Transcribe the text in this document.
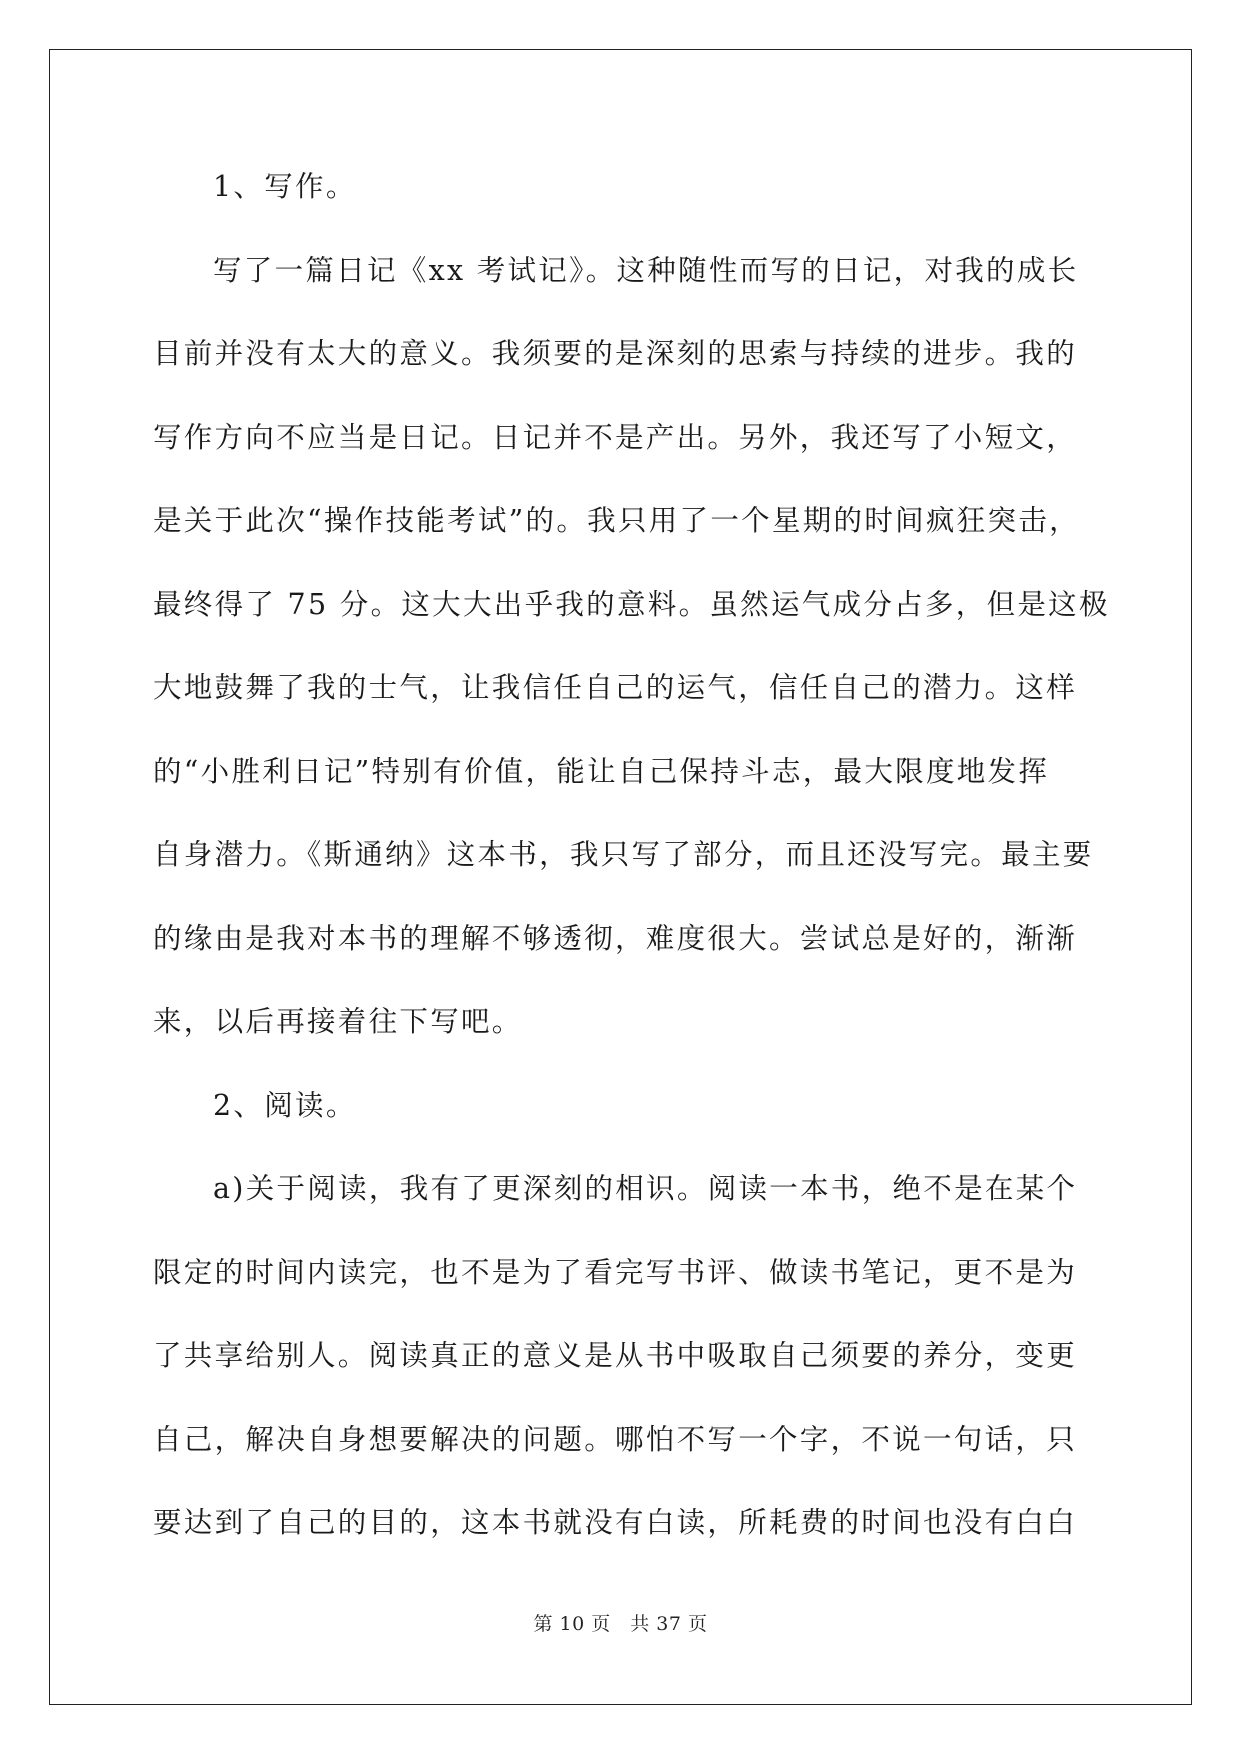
1、写作。
写了一篇日记《xx 考试记》。这种随性而写的日记，对我的成长
目前并没有太大的意义。我须要的是深刻的思索与持续的进步。我的
写作方向不应当是日记。日记并不是产出。另外，我还写了小短文，
是关于此次“操作技能考试”的。我只用了一个星期的时间疯狂突击，
最终得了 75 分。这大大出乎我的意料。虽然运气成分占多，但是这极
大地鼓舞了我的士气，让我信任自己的运气，信任自己的潜力。这样
的“小胜利日记”特别有价值，能让自己保持斗志，最大限度地发挥
自身潜力。《斯通纳》这本书，我只写了部分，而且还没写完。最主要
的缘由是我对本书的理解不够透彻，难度很大。尝试总是好的，渐渐
来，以后再接着往下写吧。
2、阅读。
a)关于阅读，我有了更深刻的相识。阅读一本书，绝不是在某个
限定的时间内读完，也不是为了看完写书评、做读书笔记，更不是为
了共享给别人。阅读真正的意义是从书中吸取自己须要的养分，变更
自己，解决自身想要解决的问题。哪怕不写一个字，不说一句话，只
要达到了自己的目的，这本书就没有白读，所耗费的时间也没有白白
第 10 页　共 37 页
